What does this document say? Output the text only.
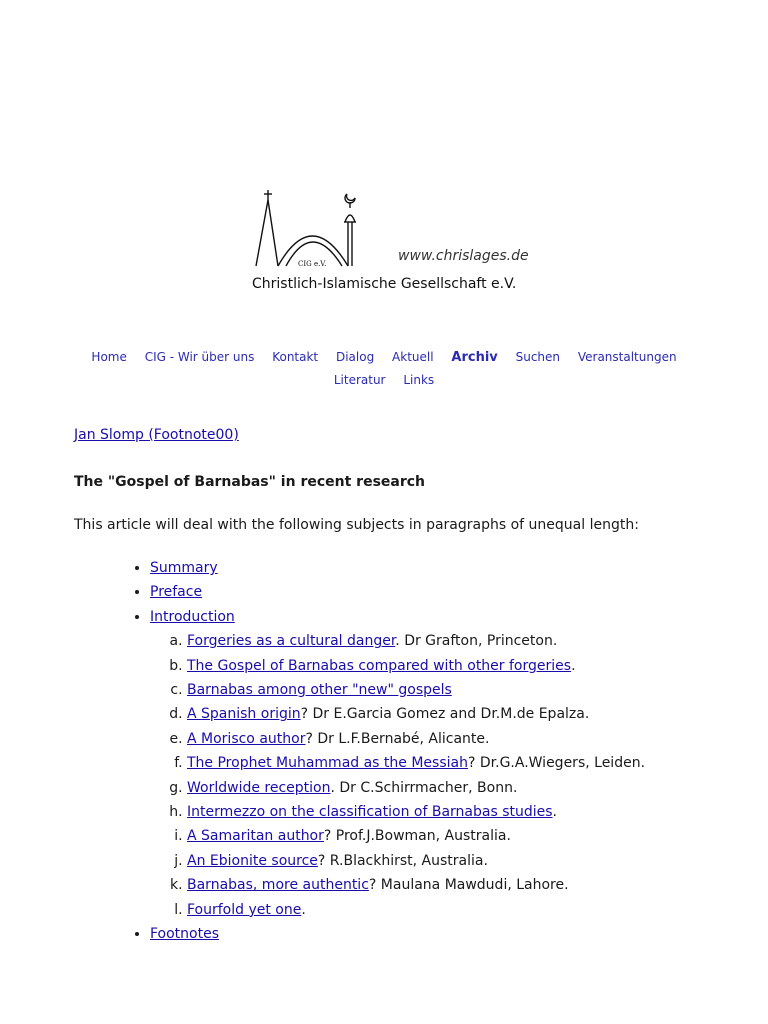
CIG e.V.	www.chrislages.de
Christlich-Islamische Gesellschaft e.V.
Home CIG - Wir über uns Kontakt Dialog Aktuell Archiv Suchen Veranstaltungen Literatur Links
Jan Slomp (Footnote00)
The "Gospel of Barnabas" in recent research

This article will deal with the following subjects in paragraphs of unequal length:

• Summary
• Preface
• Introduction
a. Forgeries as a cultural danger. Dr Grafton, Princeton.
b. The Gospel of Barnabas compared with other forgeries.
c. Barnabas among other "new" gospels
d. A Spanish origin? Dr E.Garcia Gomez and Dr.M.de Epalza.
e. A Morisco author? Dr L.F.Bernabé, Alicante.
f. The Prophet Muhammad as the Messiah? Dr.G.A.Wiegers, Leiden.
g. Worldwide reception. Dr C.Schirrmacher, Bonn.
h. Intermezzo on the classification of Barnabas studies.
i. A Samaritan author? Prof.J.Bowman, Australia.
j. An Ebionite source? R.Blackhirst, Australia.
k. Barnabas, more authentic? Maulana Mawdudi, Lahore.
l. Fourfold yet one.
• Footnotes
